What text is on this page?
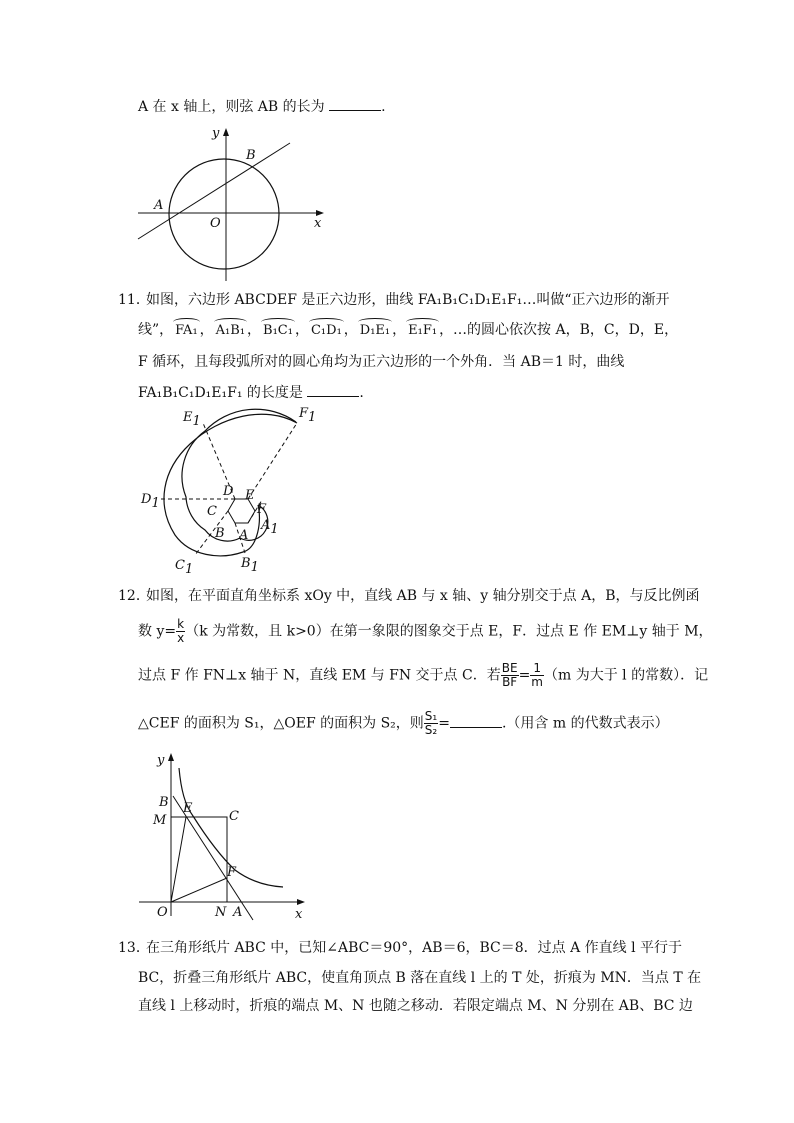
A 在 x 轴上，则弦 AB 的长为	.
y
x
O
A
B
11．
如图，六边形 ABCDEF 是正六边形，曲线 FA₁B₁C₁D₁E₁F₁…叫做“正六边形的渐开
线”， FA₁ ， A₁B₁ ， B₁C₁ ， C₁D₁ ， D₁E₁ ， E₁F₁ ，…的圆心依次按 A，B，C，D，E，
F 循环，且每段弧所对的圆心角均为正六边形的一个外角．当 AB＝1 时，曲线
FA₁B₁C₁D₁E₁F₁ 的长度是	.
E1
F1
D1
A1
B1
C1
D E
C	F
B A
12．
如图，在平面直角坐标系 xOy 中，直线 AB 与 x 轴、y 轴分别交于点 A，B，与反比例函
数 $y= \frac{k}{x} (k$ 为常数，且 k>0）在第一象限的图象交于点 E，F．过点 E 作 EM⊥y 轴于 M，
过点 F 作 FN⊥x 轴于 N，直线 EM 与 FN 交于点 C．若 $\frac{BE}{BF} = \frac{1}{m} (m$ 为大于 l 的常数）．记
△CEF 的面积为 S₁，△OEF 的面积为 S₂，则 $\frac{\text{S₁}}{\text{S₂}}$ =	.（用含 m 的代数式表示）
y
x
O
B
M
E
C
F
N A
13．
在三角形纸片 ABC 中，已知∠ABC＝90°，AB＝6，BC＝8．过点 A 作直线 l 平行于
BC，折叠三角形纸片 ABC，使直角顶点 B 落在直线 l 上的 T 处，折痕为 MN．当点 T 在
直线 l 上移动时，折痕的端点 M、N 也随之移动．若限定端点 M、N 分别在 AB、BC 边
